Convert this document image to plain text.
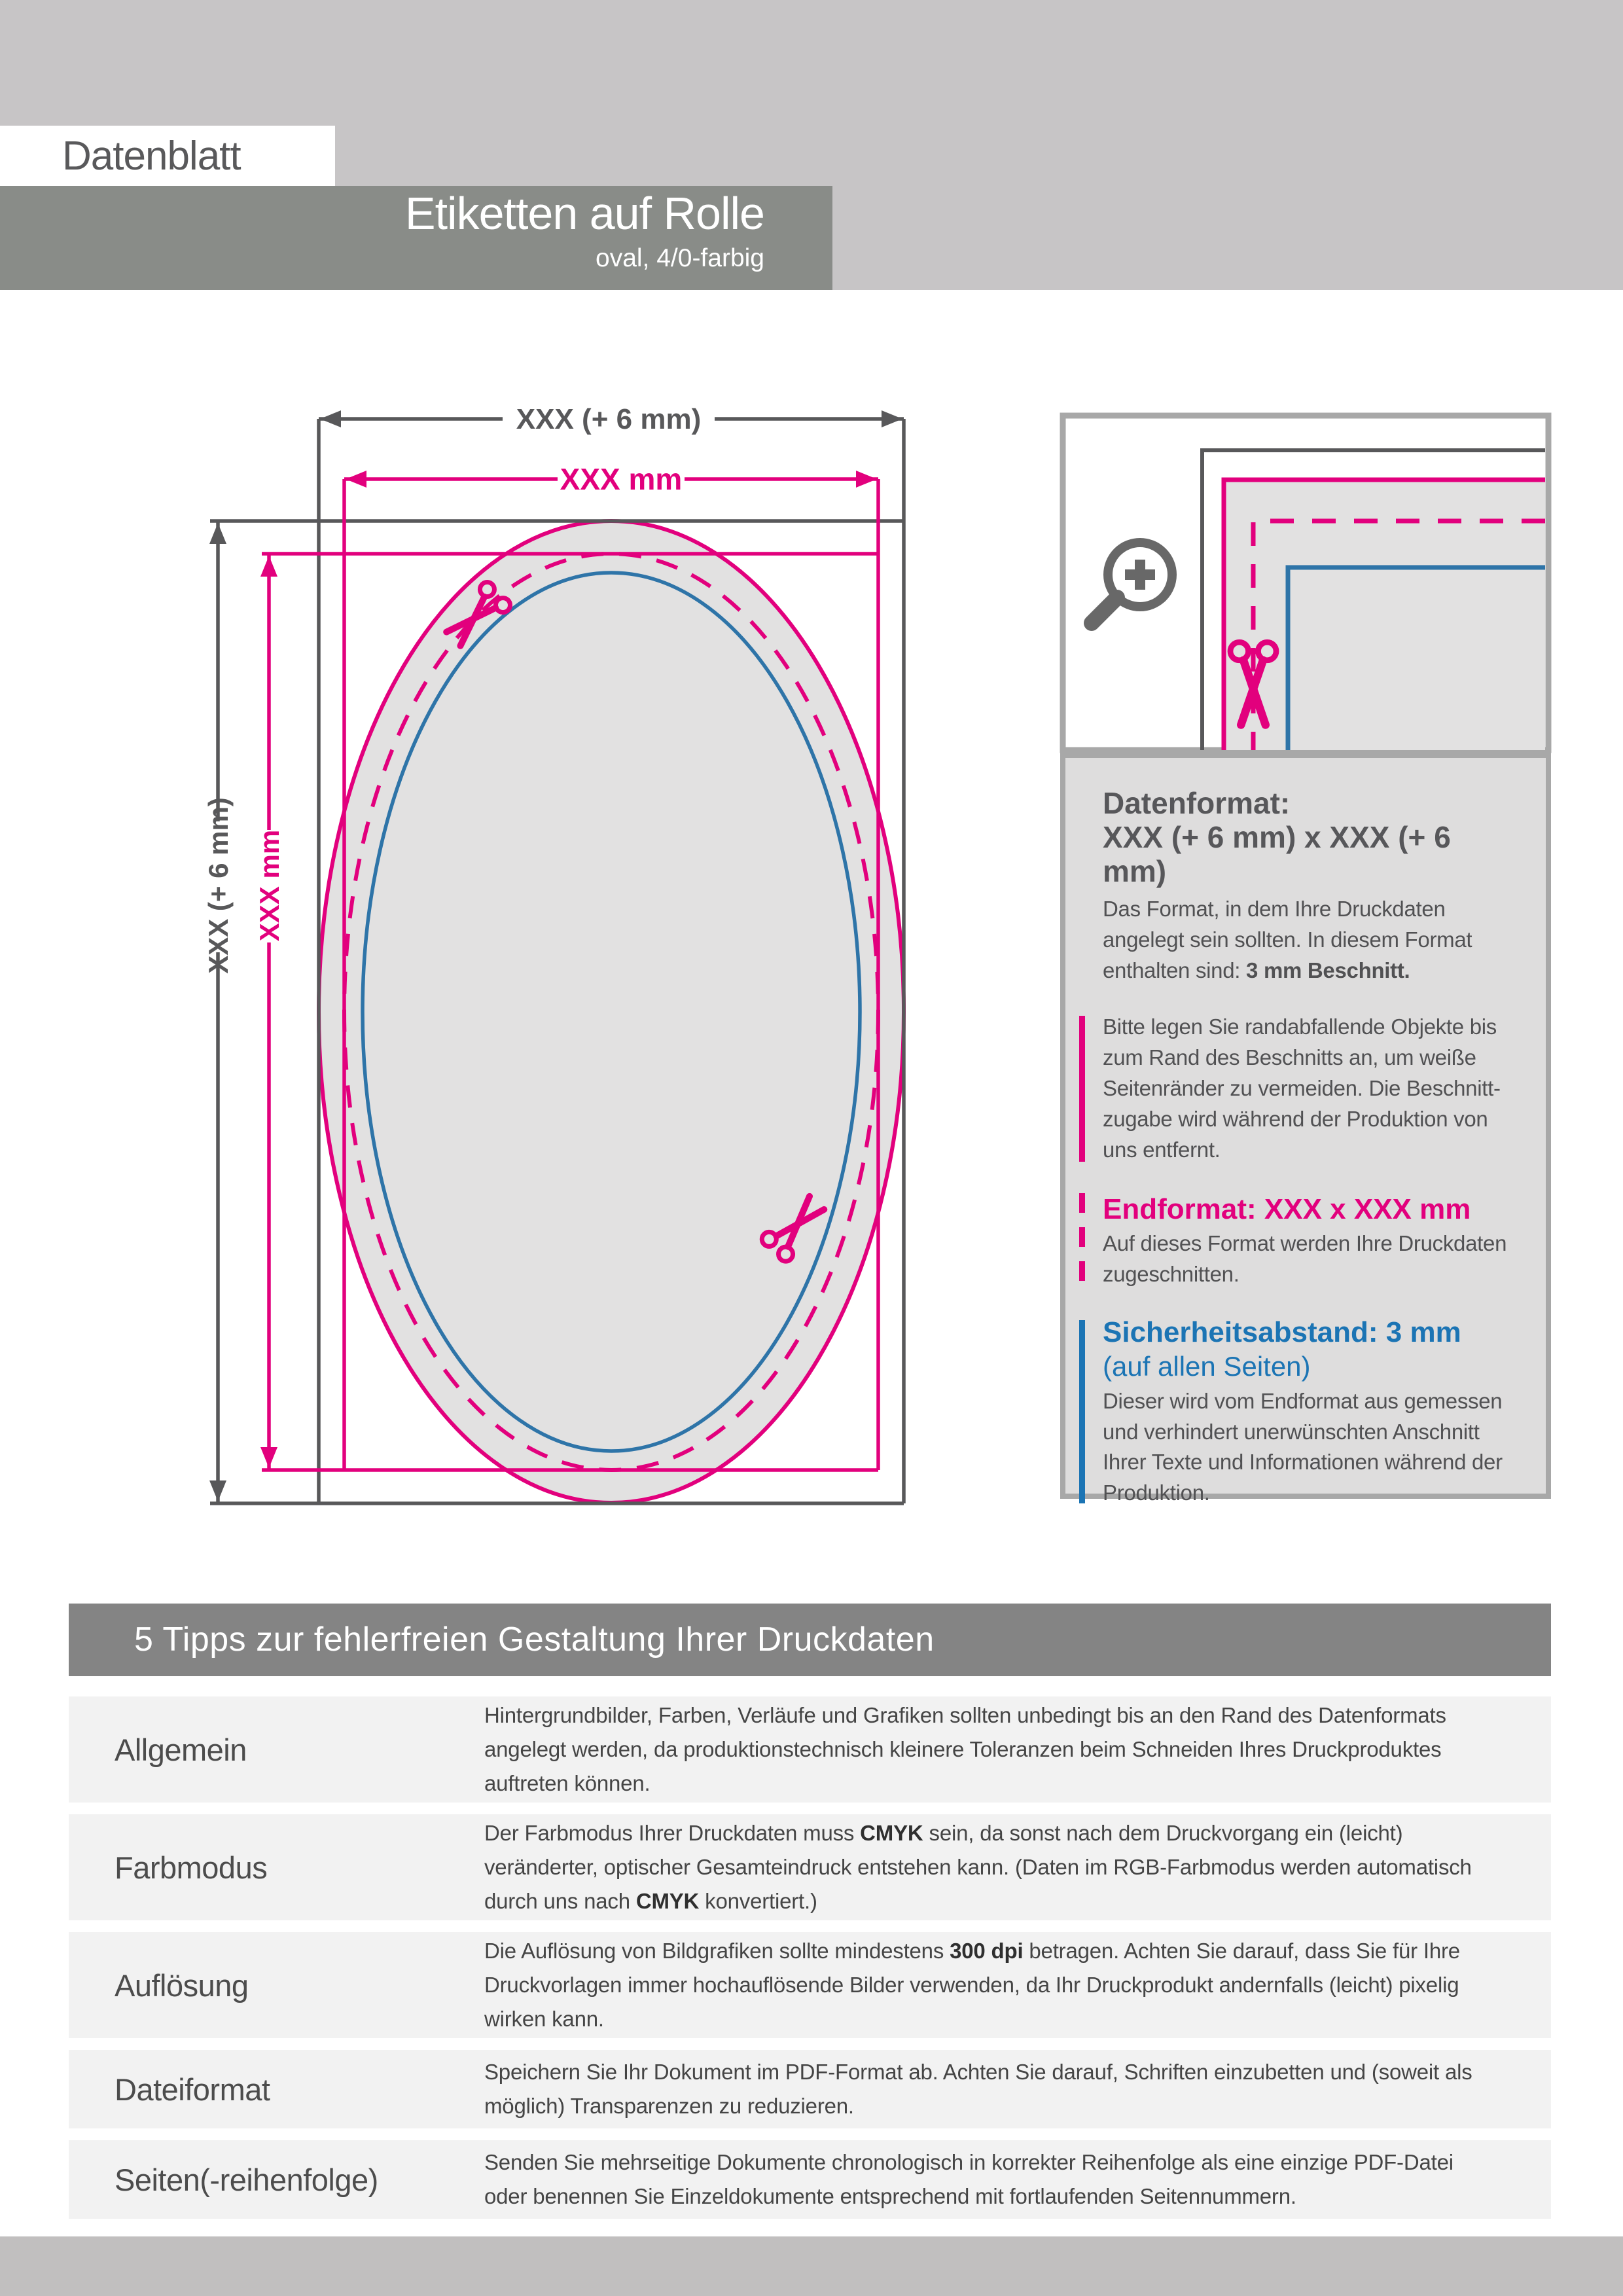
Datenblatt
Etiketten auf Rolle
oval, 4/0-farbig
XXX (+ 6 mm)
XXX mm
XXX (+ 6 mm) XXX mm
Datenformat:
XXX (+ 6 mm) x XXX (+ 6 mm)

Das Format, in dem Ihre Druckdaten angelegt sein sollten. In diesem Format enthalten sind: 3 mm Beschnitt.

Bitte legen Sie randabfallende Objekte bis zum Rand des Beschnitts an, um weiße Seitenränder zu vermeiden. Die Beschnittzugabe wird während der Produktion von uns entfernt.

Endformat: XXX x XXX mm

Auf dieses Format werden Ihre Druckdaten zugeschnitten.

Sicherheitsabstand: 3 mm
(auf allen Seiten)

Dieser wird vom Endformat aus gemessen und verhindert unerwünschten Anschnitt Ihrer Texte und Informationen während der Produktion.

5 Tipps zur fehlerfreien Gestaltung Ihrer Druckdaten
Allgemein
Hintergrundbilder, Farben, Verläufe und Grafiken sollten unbedingt bis an den Rand des Datenformats angelegt werden, da produktionstechnisch kleinere Toleranzen beim Schneiden Ihres Druckproduktes auftreten können.
Farbmodus
Der Farbmodus Ihrer Druckdaten muss CMYK sein, da sonst nach dem Druckvorgang ein (leicht) veränderter, optischer Gesamteindruck entstehen kann. (Daten im RGB-Farbmodus werden automatisch durch uns nach CMYK konvertiert.)
Auflösung
Die Auflösung von Bildgrafiken sollte mindestens 300 dpi betragen. Achten Sie darauf, dass Sie für Ihre Druckvorlagen immer hochauflösende Bilder verwenden, da Ihr Druckprodukt andernfalls (leicht) pixelig wirken kann.
Dateiformat
Speichern Sie Ihr Dokument im PDF-Format ab. Achten Sie darauf, Schriften einzubetten und (soweit als möglich) Transparenzen zu reduzieren.
Seiten(-reihenfolge)
Senden Sie mehrseitige Dokumente chronologisch in korrekter Reihenfolge als eine einzige PDF-Datei oder benennen Sie Einzeldokumente entsprechend mit fortlaufenden Seitennummern.
